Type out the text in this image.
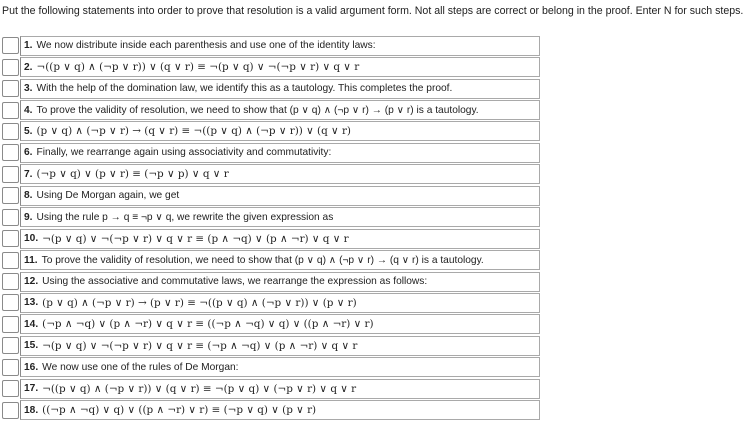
Put the following statements into order to prove that resolution is a valid argument form. Not all steps are correct or belong in the proof. Enter N for such steps.
1. We now distribute inside each parenthesis and use one of the identity laws:
2. ¬((p ∨ q) ∧ (¬p ∨ r)) ∨ (q ∨ r) ≡ ¬(p ∨ q) ∨ ¬(¬p ∨ r) ∨ q ∨ r
3. With the help of the domination law, we identify this as a tautology. This completes the proof.
4. To prove the validity of resolution, we need to show that (p ∨ q) ∧ (¬p ∨ r) → (p ∨ r) is a tautology.
5. (p ∨ q) ∧ (¬p ∨ r) → (q ∨ r) ≡ ¬((p ∨ q) ∧ (¬p ∨ r)) ∨ (q ∨ r)
6. Finally, we rearrange again using associativity and commutativity:
7. (¬p ∨ q) ∨ (p ∨ r) ≡ (¬p ∨ p) ∨ q ∨ r
8. Using De Morgan again, we get
9. Using the rule p → q ≡ ¬p ∨ q, we rewrite the given expression as
10. ¬(p ∨ q) ∨ ¬(¬p ∨ r) ∨ q ∨ r ≡ (p ∧ ¬q) ∨ (p ∧ ¬r) ∨ q ∨ r
11. To prove the validity of resolution, we need to show that (p ∨ q) ∧ (¬p ∨ r) → (q ∨ r) is a tautology.
12. Using the associative and commutative laws, we rearrange the expression as follows:
13. (p ∨ q) ∧ (¬p ∨ r) → (p ∨ r) ≡ ¬((p ∨ q) ∧ (¬p ∨ r)) ∨ (p ∨ r)
14. (¬p ∧ ¬q) ∨ (p ∧ ¬r) ∨ q ∨ r ≡ ((¬p ∧ ¬q) ∨ q) ∨ ((p ∧ ¬r) ∨ r)
15. ¬(p ∨ q) ∨ ¬(¬p ∨ r) ∨ q ∨ r ≡ (¬p ∧ ¬q) ∨ (p ∧ ¬r) ∨ q ∨ r
16. We now use one of the rules of De Morgan:
17. ¬((p ∨ q) ∧ (¬p ∨ r)) ∨ (q ∨ r) ≡ ¬(p ∨ q) ∨ (¬p ∨ r) ∨ q ∨ r
18. ((¬p ∧ ¬q) ∨ q) ∨ ((p ∧ ¬r) ∨ r) ≡ (¬p ∨ q) ∨ (p ∨ r)
